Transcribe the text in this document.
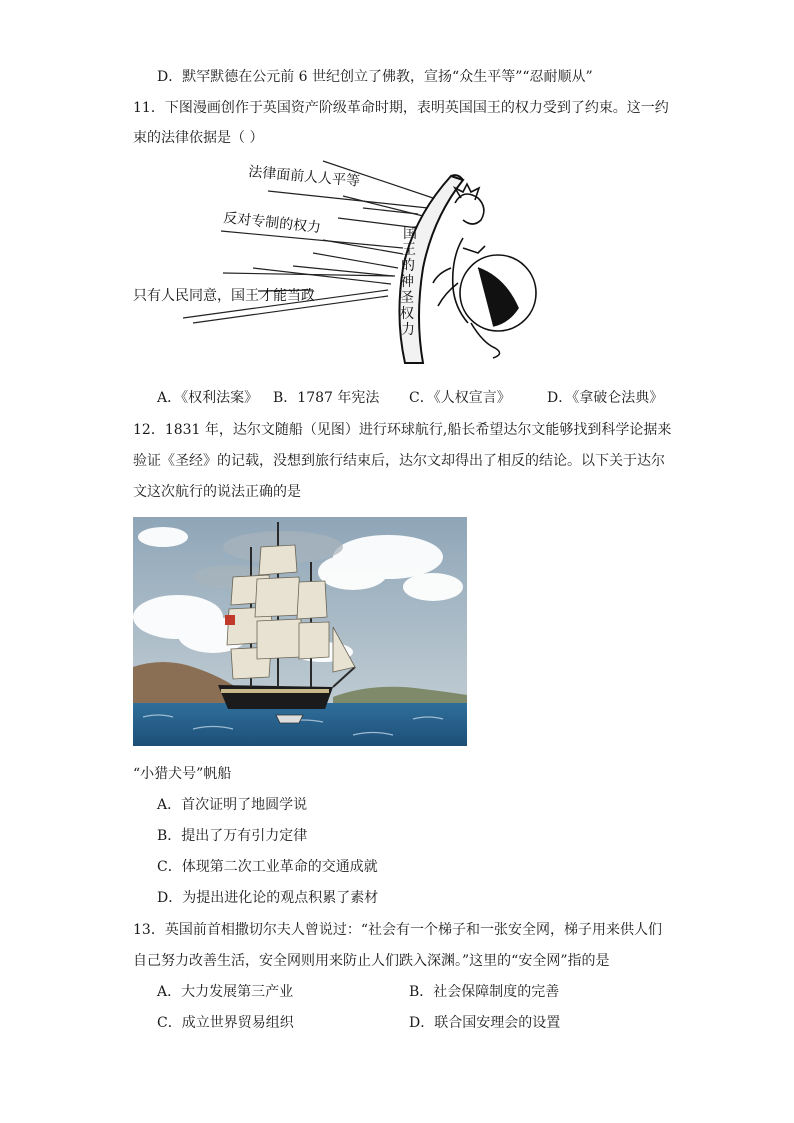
D．默罕默德在公元前 6 世纪创立了佛教，宣扬“众生平等”“忍耐顺从”
11．下图漫画创作于英国资产阶级革命时期，表明英国国王的权力受到了约束。这一约
束的法律依据是（ ）
法律面前人人平等
反对专制的权力
只有人民同意，国王才能当政
国
王
的
神
圣
权
力
A．《权利法案》 B．1787 年宪法 C．《人权宣言》	D．《拿破仑法典》
12．1831 年，达尔文随船（见图）进行环球航行,船长希望达尔文能够找到科学论据来
验证《圣经》的记载，没想到旅行结束后，达尔文却得出了相反的结论。以下关于达尔
文这次航行的说法正确的是
“小猎犬号”帆船
A．首次证明了地圆学说
B．提出了万有引力定律
C．体现第二次工业革命的交通成就
D．为提出进化论的观点积累了素材
13．英国前首相撒切尔夫人曾说过：“社会有一个梯子和一张安全网，梯子用来供人们
自己努力改善生活，安全网则用来防止人们跌入深渊。”这里的“安全网”指的是
A．大力发展第三产业	B．社会保障制度的完善
C．成立世界贸易组织	D．联合国安理会的设置
